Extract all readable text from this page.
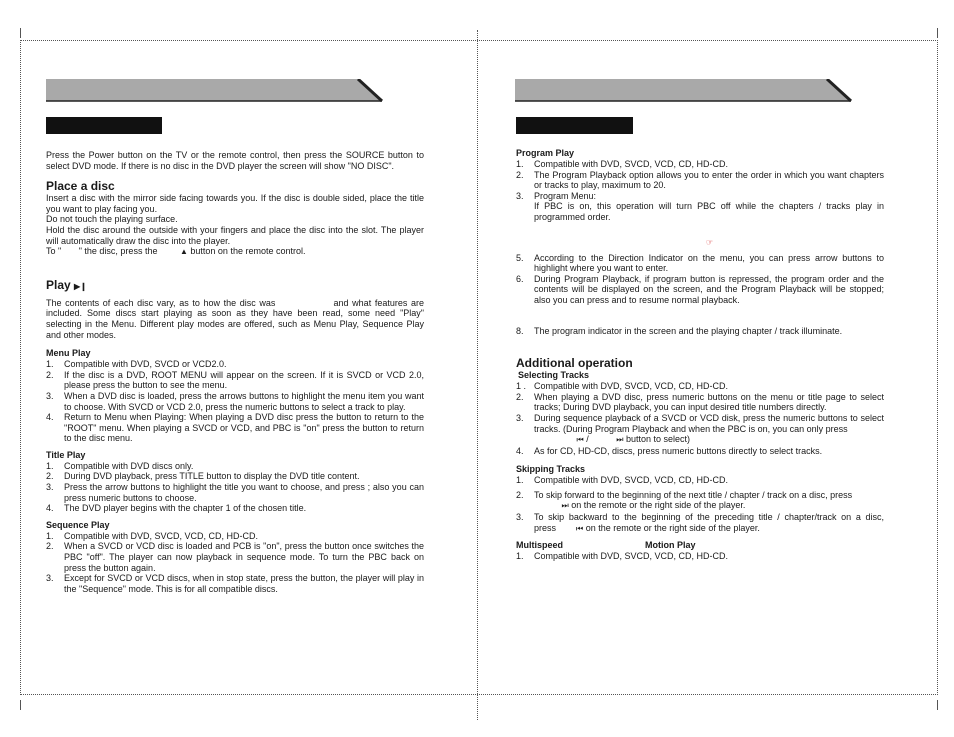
Press the Power button on the TV or the remote control, then press the SOURCE button to select DVD mode. If there is no disc in the DVD player the screen will show "NO DISC".

Place a disc

Insert a disc with the mirror side facing towards you. If the disc is double sided, place the title you want to play facing you.

Do not touch the playing surface.

Hold the disc around the outside with your fingers and place the disc into the slot. The player will automatically draw the disc into the player.

To " " the disc, press the	▲ button on the remote control.

Play ▶❙

The contents of each disc vary, as to how the disc was	and what features are included. Some discs start playing as soon as they have been read, some need "Play" selecting in the Menu. Different play modes are offered, such as Menu Play, Sequence Play and other modes.

Menu Play
1. Compatible with DVD, SVCD or VCD2.0.
2. If the disc is a DVD, ROOT MENU will appear on the screen. If it is SVCD or VCD 2.0, please press the button to see the menu.
3. When a DVD disc is loaded, press the arrows buttons to highlight the menu item you want to choose. With SVCD or VCD 2.0, press the numeric buttons to select a track to play.
4. Return to Menu when Playing: When playing a DVD disc press the button to return to the "ROOT" menu. When playing a SVCD or VCD, and PBC is "on" press the button to return to the disc menu.
Title Play
1. Compatible with DVD discs only.
2. During DVD playback, press TITLE button to display the DVD title content.
3. Press the arrow buttons to highlight the title you want to choose, and press ; also you can press numeric buttons to choose.
4. The DVD player begins with the chapter 1 of the chosen title.
Sequence Play
1. Compatible with DVD, SVCD, VCD, CD, HD-CD.
2. When a SVCD or VCD disc is loaded and PCB is "on", press the button once switches the PBC "off". The player can now playback in sequence mode. To turn the PBC back on press the button again.
3. Except for SVCD or VCD discs, when in stop state, press the button, the player will play in the "Sequence" mode. This is for all compatible discs.
Program Play
1. Compatible with DVD, SVCD, VCD, CD, HD-CD.
2. The Program Playback option allows you to enter the order in which you want chapters or tracks to play, maximum to 20.
3. Program Menu:
If PBC is on, this operation will turn PBC off while the chapters / tracks play in programmed order.
☞
5. According to the Direction Indicator on the menu, you can press arrow buttons to highlight where you want to enter.
6. During Program Playback, if program button is repressed, the program order and the contents will be displayed on the screen, and the Program Playback will be stopped; also you can press and to resume normal playback.
8. The program indicator in the screen and the playing chapter / track illuminate.
Additional operation
Selecting Tracks
1 . Compatible with DVD, SVCD, VCD, CD, HD-CD.
2. When playing a DVD disc, press numeric buttons on the menu or title page to select tracks; During DVD playback, you can input desired title numbers directly.
3. During sequence playback of a SVCD or VCD disk, press the numeric buttons to select tracks. (During Program Playback and when the PBC is on, you can only press
⏮ /           ⏭ button to select)
4. As for CD, HD-CD, discs, press numeric buttons directly to select tracks.
Skipping Tracks
1. Compatible with DVD, SVCD, VCD, CD, HD-CD.
2. To skip forward to the beginning of the next title / chapter / track on a disc, press
⏭ on the remote or the right side of the player.
3. To skip backward to the beginning of the preceding title / chapter/track on a disc, press	⏮ on the remote or the right side of the player.
Multispeed	Motion Play
1. Compatible with DVD, SVCD, VCD, CD, HD-CD.
